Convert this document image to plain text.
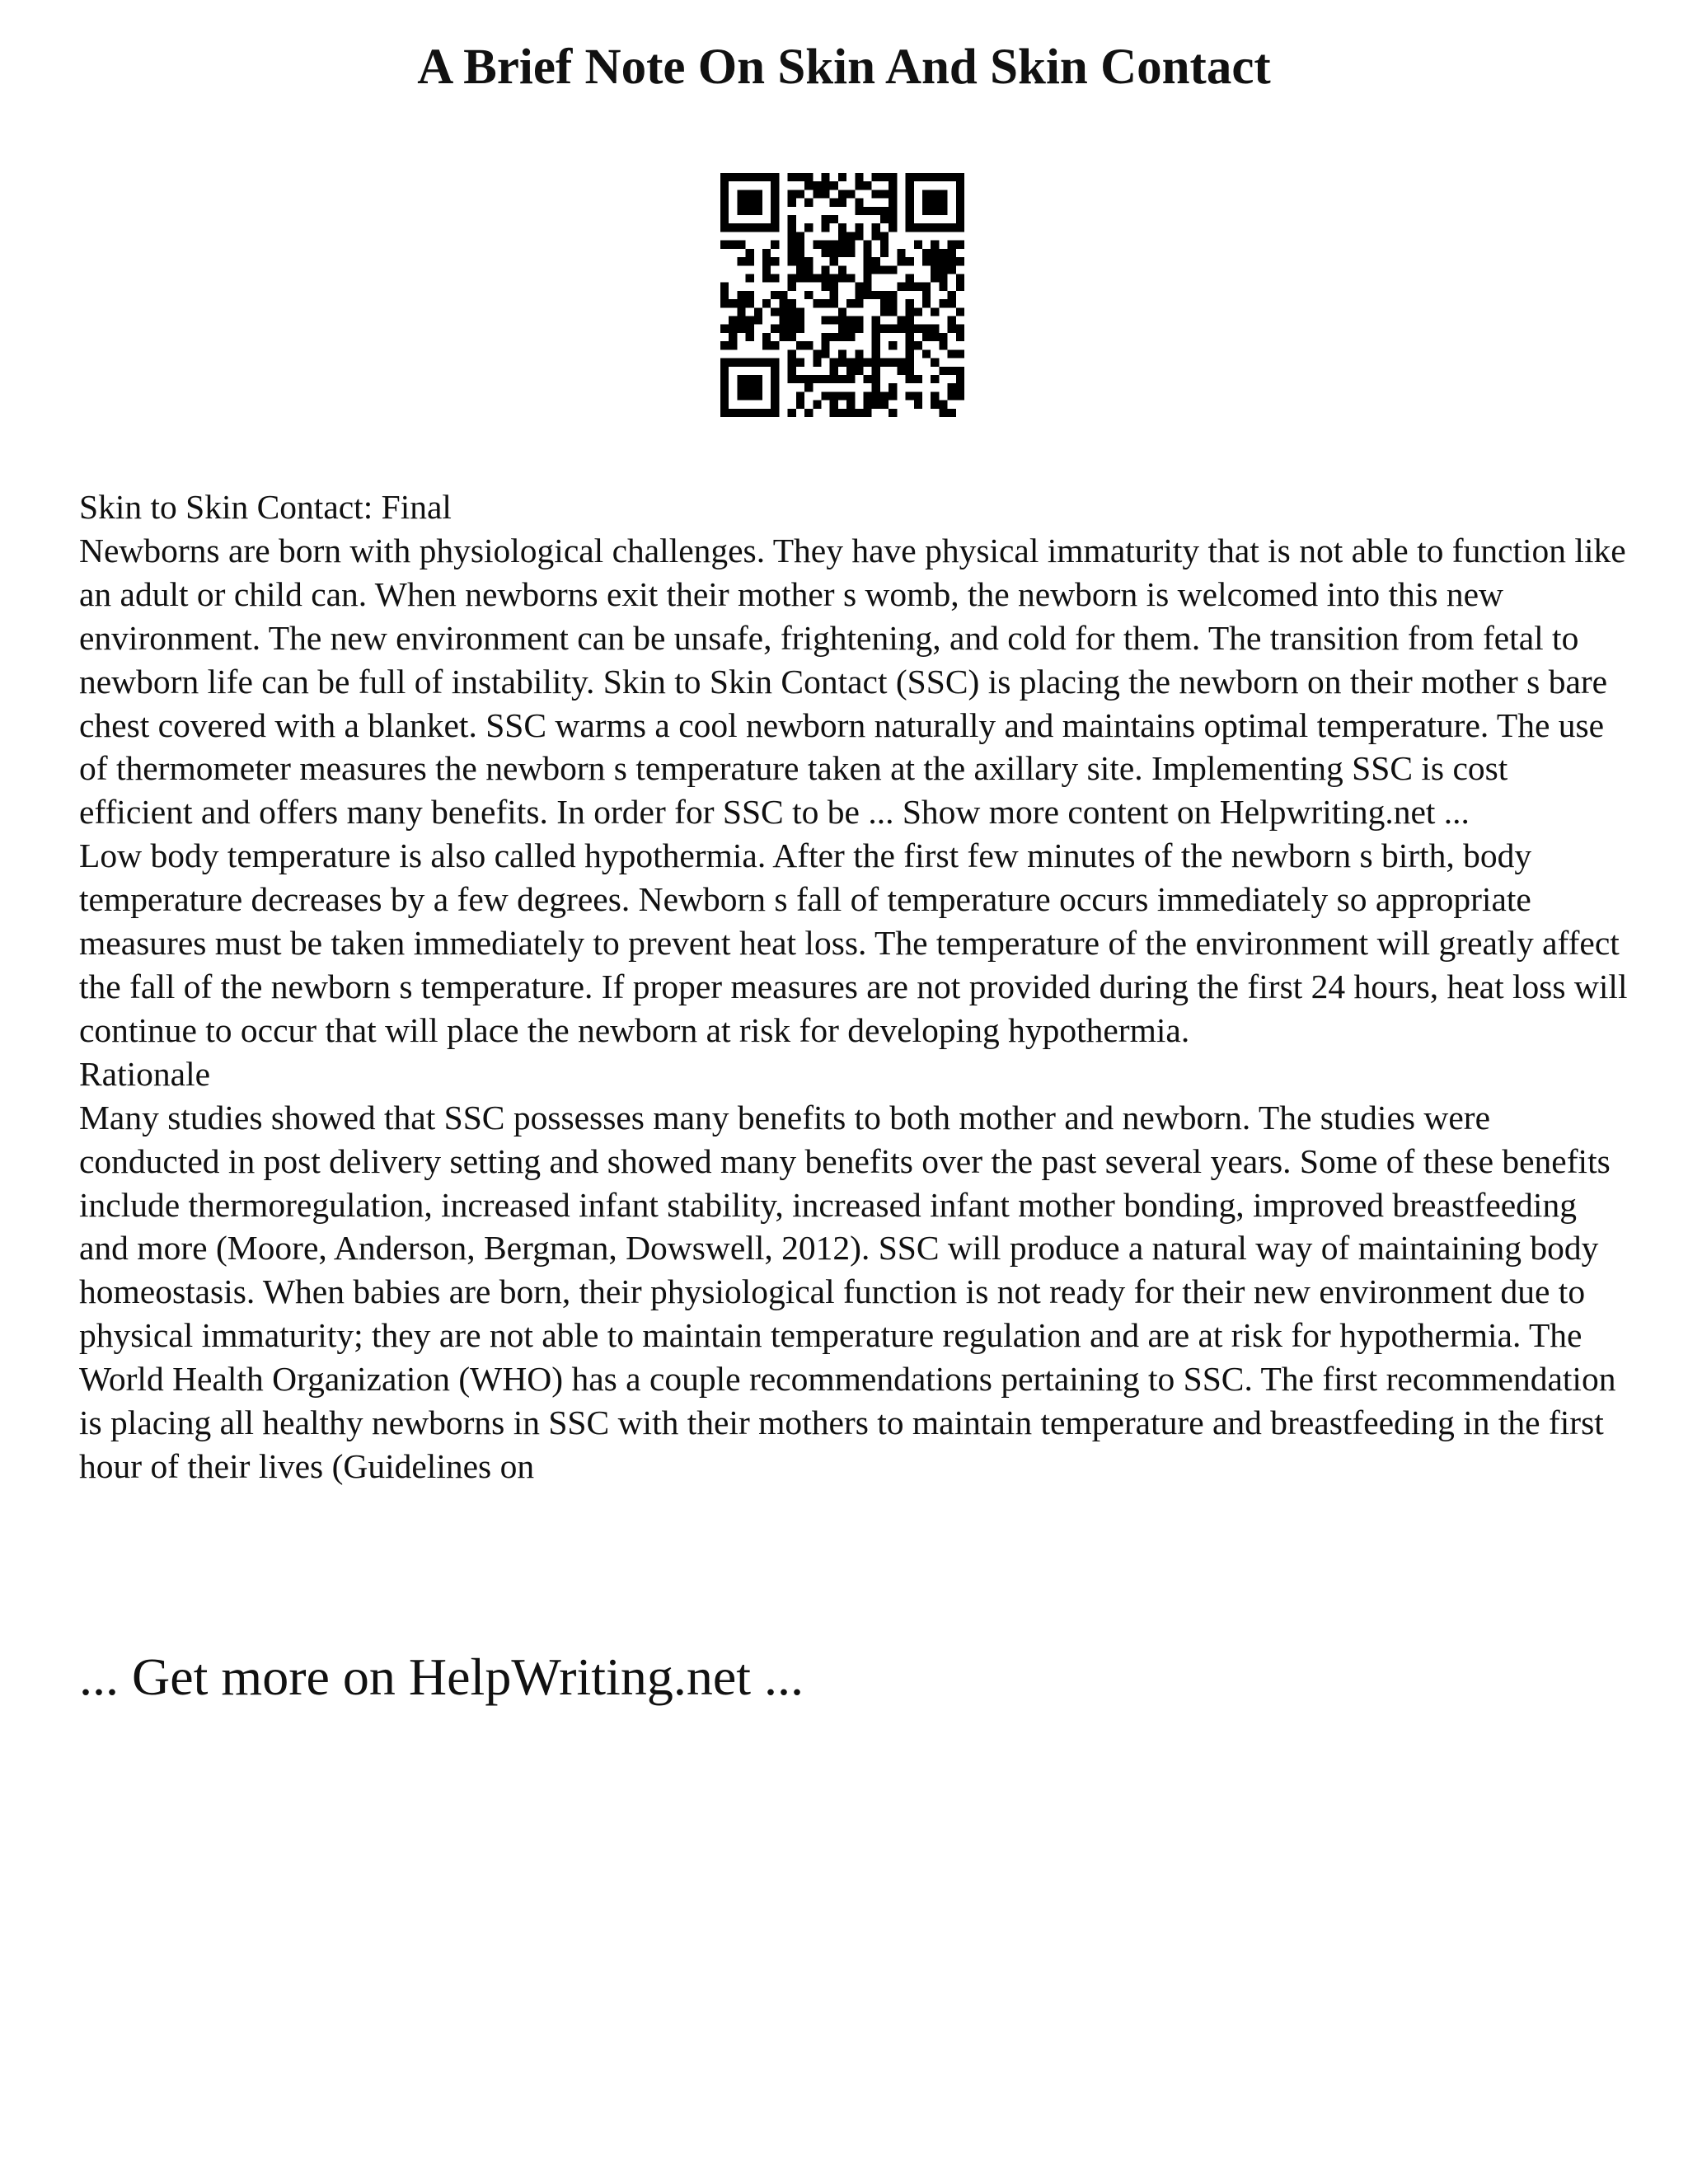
A Brief Note On Skin And Skin Contact

Skin to Skin Contact: Final

Newborns are born with physiological challenges. They have physical immaturity that is not able to function like an adult or child can. When newborns exit their mother s womb, the newborn is welcomed into this new environment. The new environment can be unsafe, frightening, and cold for them. The transition from fetal to newborn life can be full of instability. Skin to Skin Contact (SSC) is placing the newborn on their mother s bare chest covered with a blanket. SSC warms a cool newborn naturally and maintains optimal temperature. The use of thermometer measures the newborn s temperature taken at the axillary site. Implementing SSC is cost efficient and offers many benefits. In order for SSC to be ... Show more content on Helpwriting.net ...

Low body temperature is also called hypothermia. After the first few minutes of the newborn s birth, body temperature decreases by a few degrees. Newborn s fall of temperature occurs immediately so appropriate measures must be taken immediately to prevent heat loss. The temperature of the environment will greatly affect the fall of the newborn s temperature. If proper measures are not provided during the first 24 hours, heat loss will continue to occur that will place the newborn at risk for developing hypothermia.

Rationale

Many studies showed that SSC possesses many benefits to both mother and newborn. The studies were conducted in post delivery setting and showed many benefits over the past several years. Some of these benefits include thermoregulation, increased infant stability, increased infant mother bonding, improved breastfeeding and more (Moore, Anderson, Bergman, Dowswell, 2012). SSC will produce a natural way of maintaining body homeostasis. When babies are born, their physiological function is not ready for their new environment due to physical immaturity; they are not able to maintain temperature regulation and are at risk for hypothermia. The World Health Organization (WHO) has a couple recommendations pertaining to SSC. The first recommendation is placing all healthy newborns in SSC with their mothers to maintain temperature and breastfeeding in the first hour of their lives (Guidelines on

... Get more on HelpWriting.net ...
